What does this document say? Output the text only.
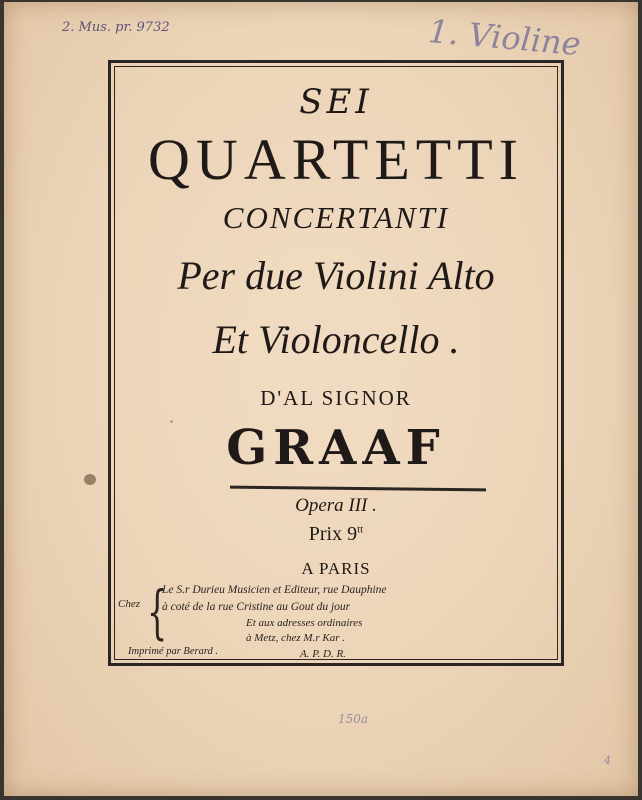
2. Mus. pr. 9732	1. Violine
SEI
QUARTETTI
CONCERTANTI
Per due Violini Alto
Et Violoncello .
D'AL SIGNOR
GRAAF
Opera III .
Prix $9^{tt}$
A PARIS
Chez {
Le S.r Durieu Musicien et Editeur, rue Dauphine
à coté de la rue Cristine au Gout du jour
Et aux adresses ordinaires
à Metz, chez M.r Kar .
A. P. D. R.
Imprimé par Berard .
150a
4
